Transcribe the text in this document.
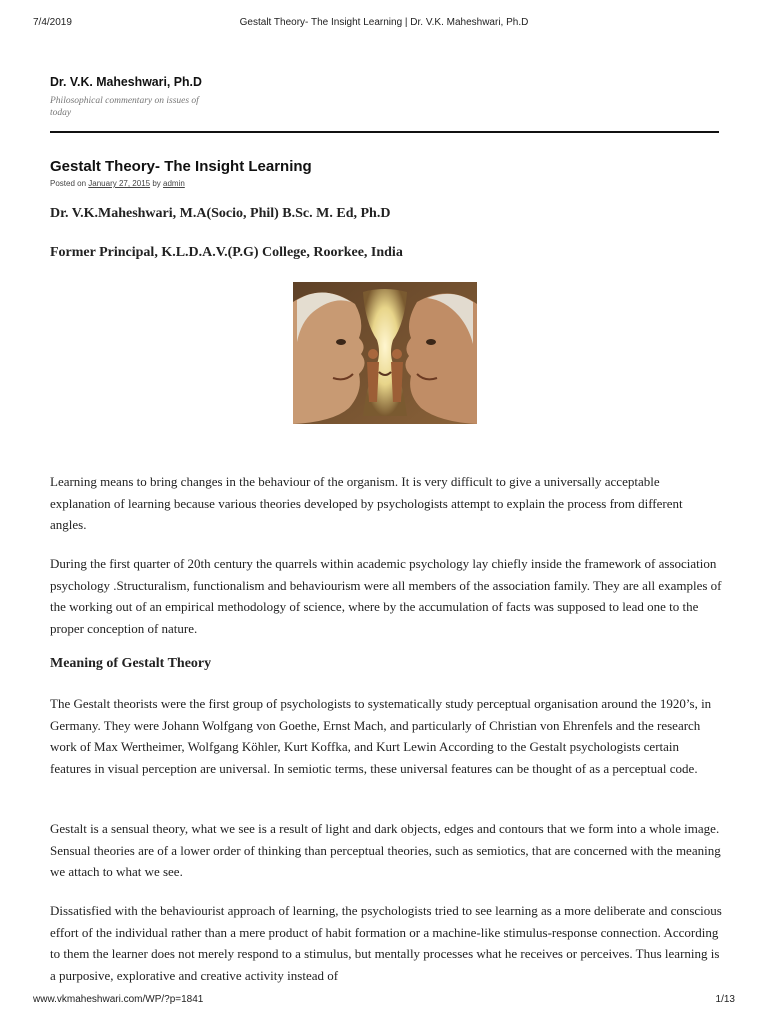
7/4/2019	Gestalt Theory- The Insight Learning | Dr. V.K. Maheshwari, Ph.D
Dr. V.K. Maheshwari, Ph.D
Philosophical commentary on issues of today
Gestalt Theory- The Insight Learning
Posted on January 27, 2015 by admin
Dr. V.K.Maheshwari, M.A(Socio, Phil) B.Sc. M. Ed, Ph.D
Former Principal, K.L.D.A.V.(P.G) College, Roorkee, India

Learning means to bring changes in the behaviour of the organism. It is very difficult to give a universally acceptable explanation of learning because various theories developed by psychologists attempt to explain the process from different angles.

During the first quarter of 20th century the quarrels within academic psychology lay chiefly inside the framework of association psychology .Structuralism, functionalism and behaviourism were all members of the association family. They are all examples of the working out of an empirical methodology of science, where by the accumulation of facts was supposed to lead one to the proper conception of nature.

Meaning of Gestalt Theory

The Gestalt theorists were the first group of psychologists to systematically study perceptual organisation around the 1920’s, in Germany. They were Johann Wolfgang von Goethe, Ernst Mach, and particularly of Christian von Ehrenfels and the research work of Max Wertheimer, Wolfgang Köhler, Kurt Koffka, and Kurt Lewin According to the Gestalt psychologists certain features in visual perception are universal. In semiotic terms, these universal features can be thought of as a perceptual code.

Gestalt is a sensual theory, what we see is a result of light and dark objects, edges and contours that we form into a whole image. Sensual theories are of a lower order of thinking than perceptual theories, such as semiotics, that are concerned with the meaning we attach to what we see.

Dissatisfied with the behaviourist approach of learning, the psychologists tried to see learning as a more deliberate and conscious effort of the individual rather than a mere product of habit formation or a machine-like stimulus-response connection. According to them the learner does not merely respond to a stimulus, but mentally processes what he receives or perceives. Thus learning is a purposive, explorative and creative activity instead of

www.vkmaheshwari.com/WP/?p=1841	1/13
